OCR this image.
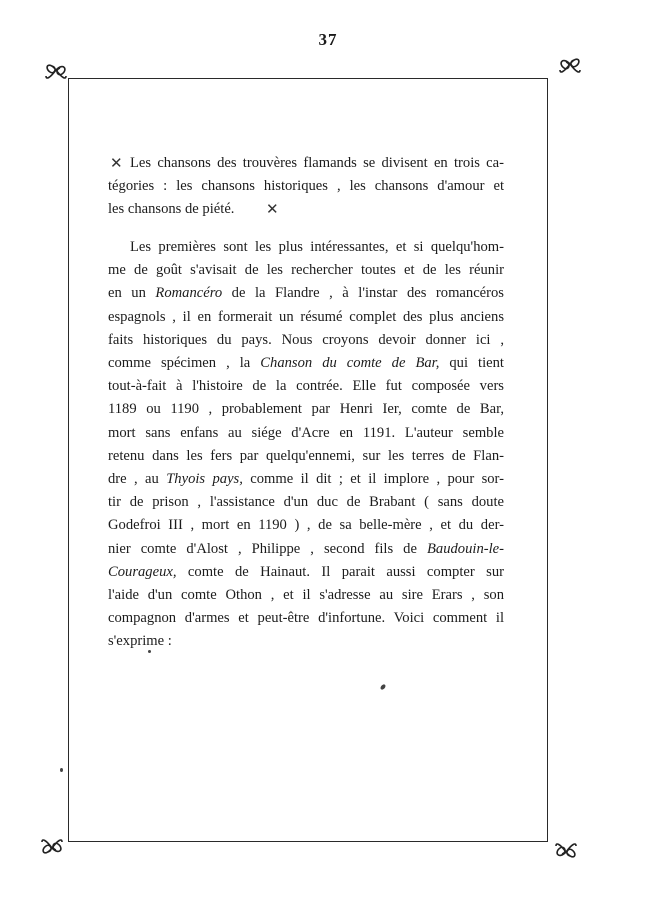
37
✕
✕
Les chansons des trouvères flamands se divisent en trois ca-
tégories : les chansons historiques , les chansons d'amour et
les chansons de piété.
Les premières sont les plus intéressantes, et si quelqu'hom-
me de goût s'avisait de les rechercher toutes et de les réunir
en un Romancéro de la Flandre , à l'instar des romancéros
espagnols , il en formerait un résumé complet des plus anciens
faits historiques du pays. Nous croyons devoir donner ici ,
comme spécimen , la Chanson du comte de Bar, qui tient
tout-à-fait à l'histoire de la contrée. Elle fut composée vers
1189 ou 1190 , probablement par Henri Ier, comte de Bar,
mort sans enfans au siége d'Acre en 1191. L'auteur semble
retenu dans les fers par quelqu'ennemi, sur les terres de Flan-
dre , au Thyois pays, comme il dit ; et il implore , pour sor-
tir de prison , l'assistance d'un duc de Brabant ( sans doute
Godefroi III , mort en 1190 ) , de sa belle-mère , et du der-
nier comte d'Alost , Philippe , second fils de Baudouin-le-
Courageux, comte de Hainaut. Il parait aussi compter sur
l'aide d'un comte Othon , et il s'adresse au sire Erars , son
compagnon d'armes et peut-être d'infortune. Voici comment il
s'exprime :
